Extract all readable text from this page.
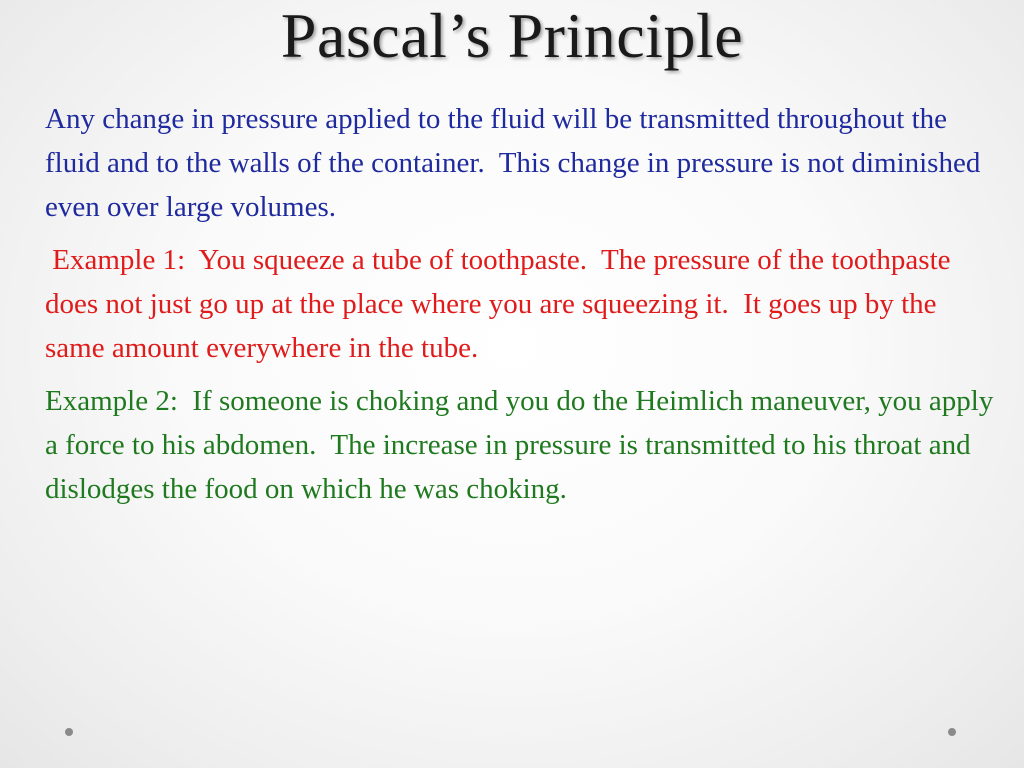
Pascal’s Principle

Any change in pressure applied to the fluid will be transmitted throughout the fluid and to the walls of the container.  This change in pressure is not diminished even over large volumes.

Example 1:  You squeeze a tube of toothpaste.  The pressure of the toothpaste does not just go up at the place where you are squeezing it.  It goes up by the same amount everywhere in the tube.

Example 2:  If someone is choking and you do the Heimlich maneuver, you apply a force to his abdomen.  The increase in pressure is transmitted to his throat and dislodges the food on which he was choking.
